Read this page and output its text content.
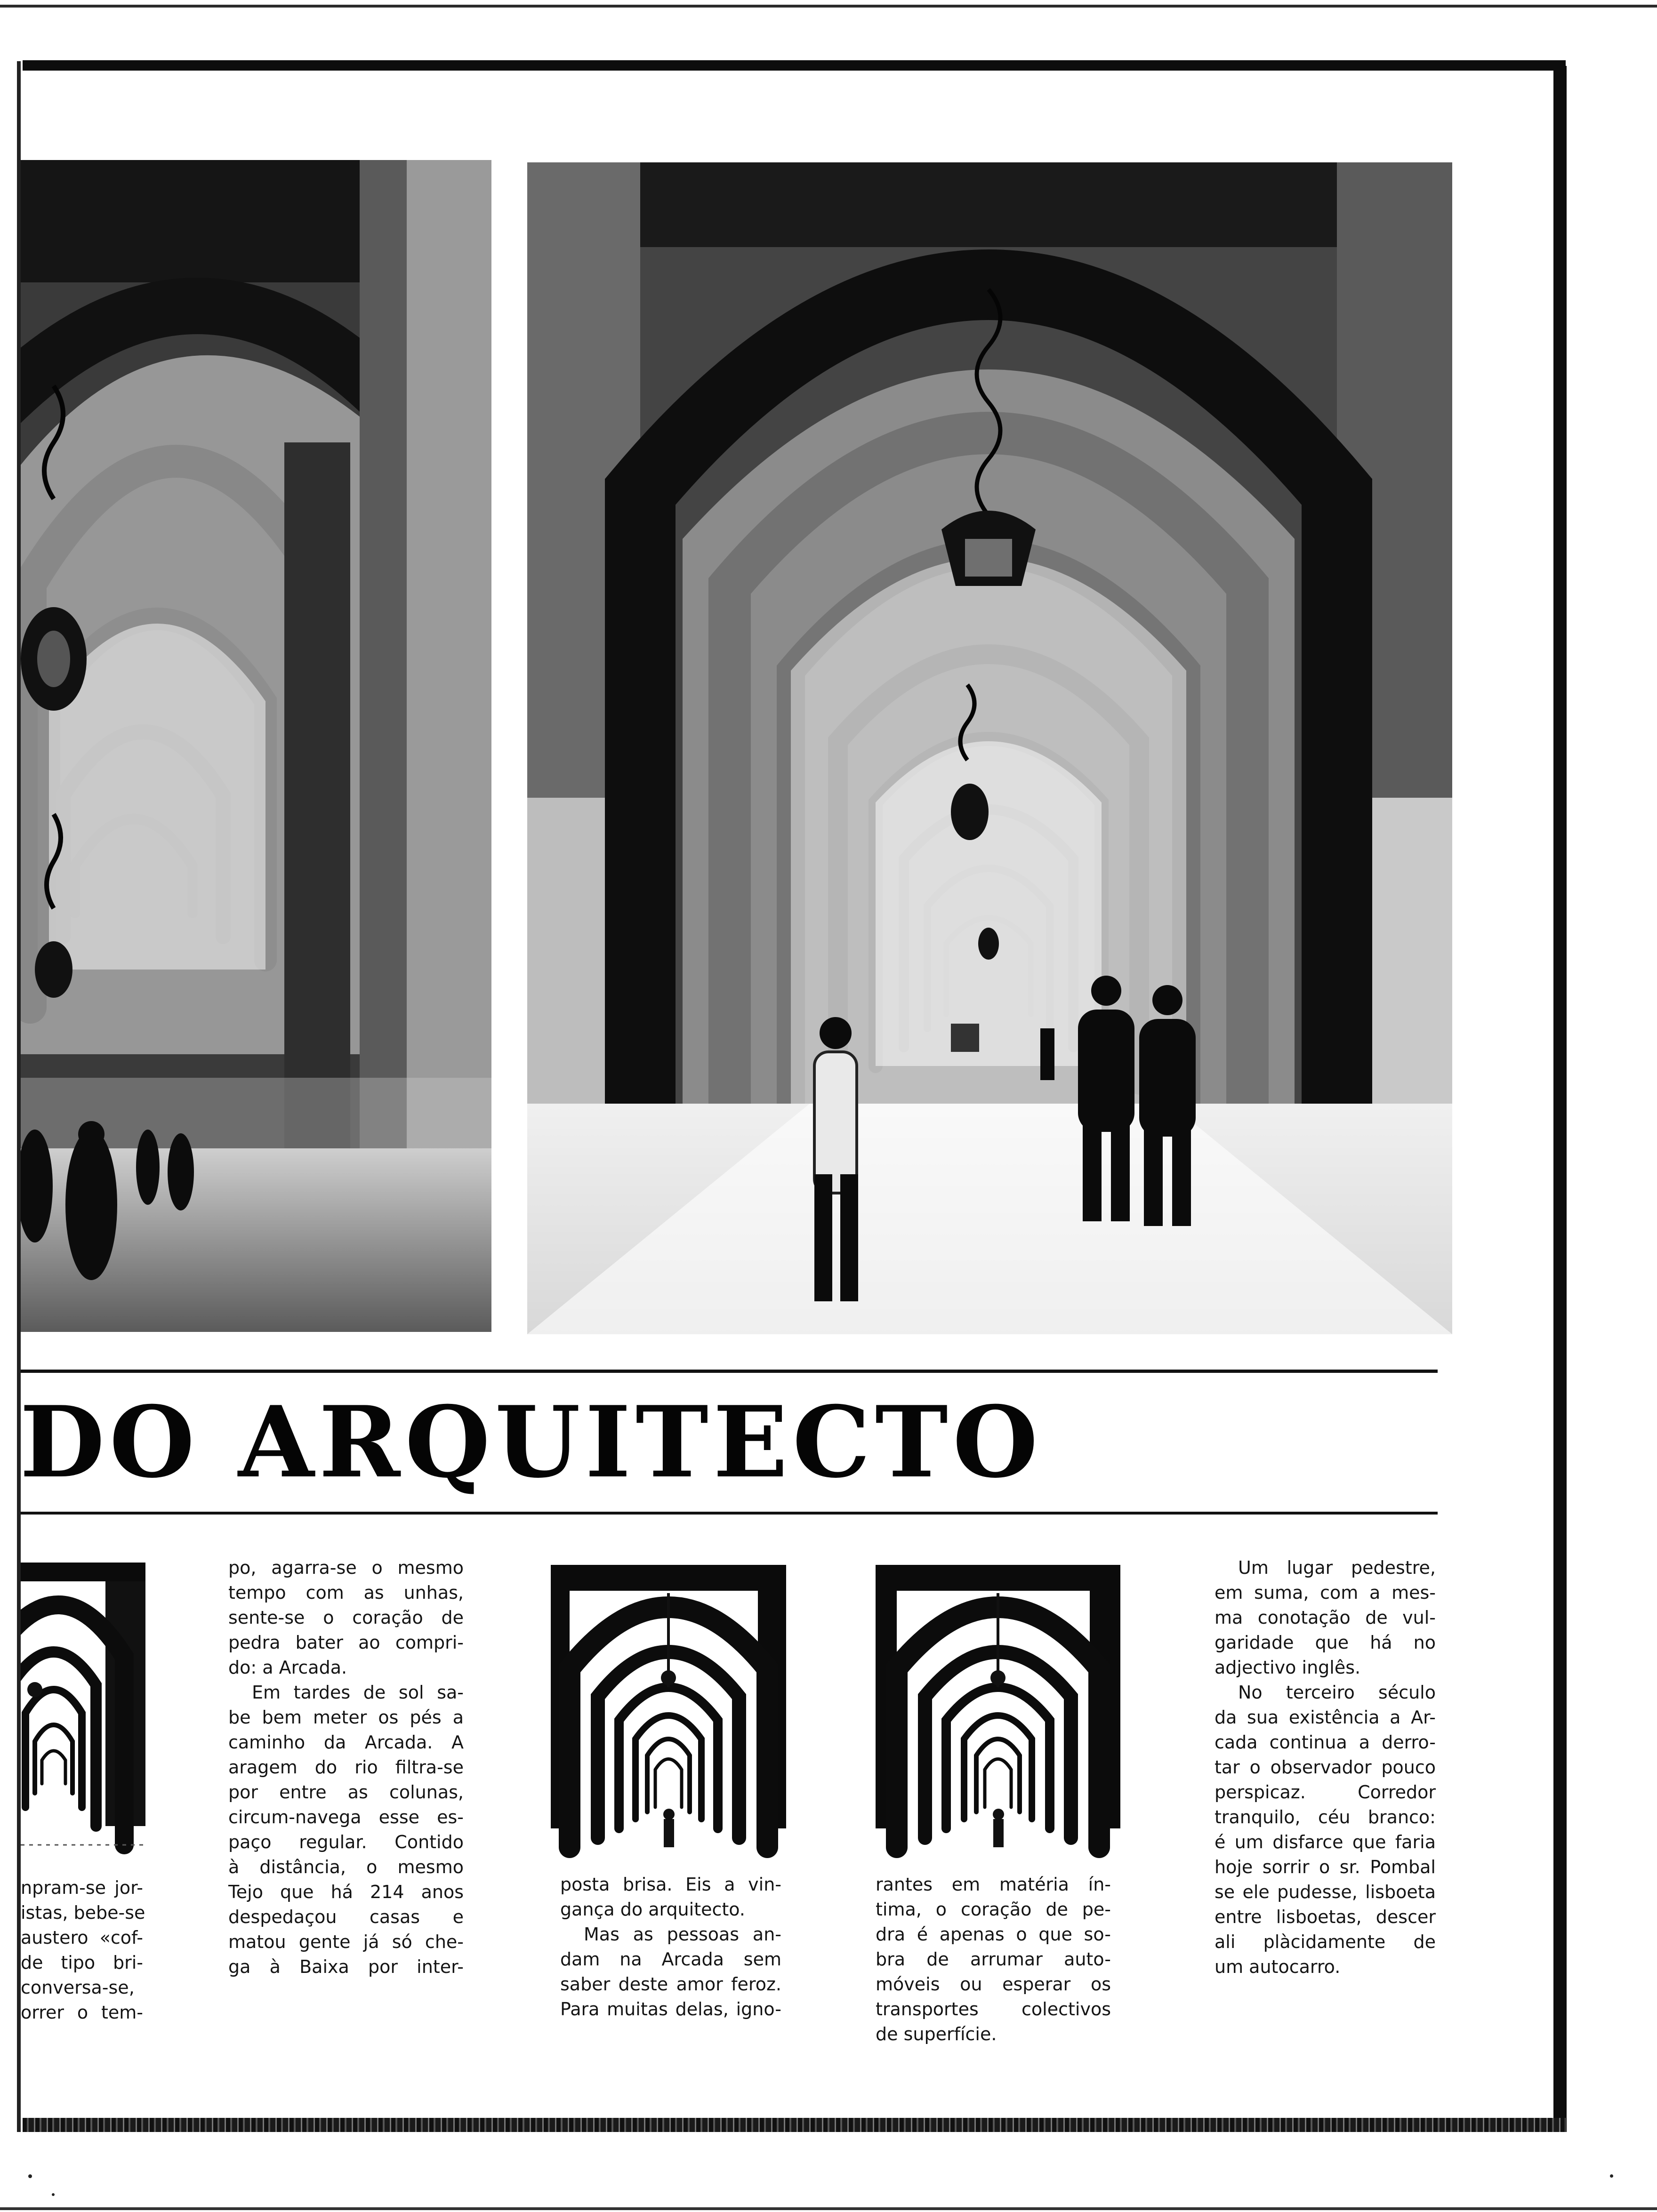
DO ARQUITECTO

npram-se jor-

istas, bebe-se

austero «cof-

de tipo bri-

conversa-se,

orrer o tem-

po, agarra-se o mesmo

tempo com as unhas,

sente-se o coração de

pedra bater ao compri-

do: a Arcada.

Em tardes de sol sa-

be bem meter os pés a

caminho da Arcada. A

aragem do rio filtra-se

por entre as colunas,

circum-navega esse es-

paço regular. Contido

à distância, o mesmo

Tejo que há 214 anos

despedaçou casas e

matou gente já só che-

ga à Baixa por inter-

posta brisa. Eis a vin-

gança do arquitecto.

Mas as pessoas an-

dam na Arcada sem

saber deste amor feroz.

Para muitas delas, igno-

rantes em matéria ín-

tima, o coração de pe-

dra é apenas o que so-

bra de arrumar auto-

móveis ou esperar os

transportes colectivos

de superfície.

Um lugar pedestre,

em suma, com a mes-

ma conotação de vul-

garidade que há no

adjectivo inglês.

No terceiro século

da sua existência a Ar-

cada continua a derro-

tar o observador pouco

perspicaz. Corredor

tranquilo, céu branco:

é um disfarce que faria

hoje sorrir o sr. Pombal

se ele pudesse, lisboeta

entre lisboetas, descer

ali plàcidamente de

um autocarro.
